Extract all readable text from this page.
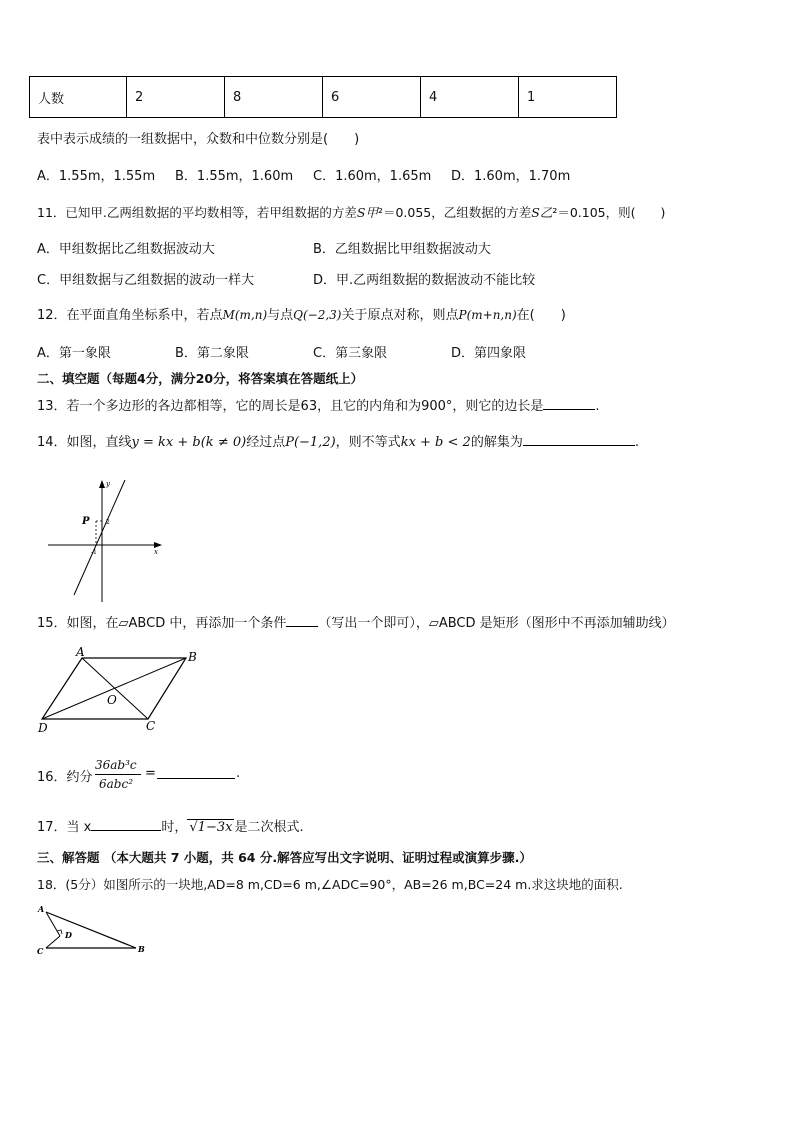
人数	2	8	6	4	1
表中表示成绩的一组数据中，众数和中位数分别是(　　)
A．1.55m，1.55m B．1.55m，1.60m C．1.60m，1.65m D．1.60m，1.70m
11．已知甲.乙两组数据的平均数相等，若甲组数据的方差S甲²＝0.055，乙组数据的方差S乙²＝0.105，则(　　)
A．甲组数据比乙组数据波动大	B．乙组数据比甲组数据波动大
C．甲组数据与乙组数据的波动一样大	D．甲.乙两组数据的数据波动不能比较
12．在平面直角坐标系中，若点M(m,n)与点Q(−2,3)关于原点对称，则点P(m+n,n)在(　　)
A．第一象限	B．第二象限	C．第三象限	D．第四象限
二、填空题（每题4分，满分20分，将答案填在答题纸上）
13．若一个多边形的各边都相等，它的周长是63，且它的内角和为900°，则它的边长是	.
14．如图，直线y = kx + b(k ≠ 0)经过点P(−1,2)，则不等式kx + b < 2的解集为	.
y
x
P	2
-1
15．如图，在▱ABCD 中，再添加一个条件 （写出一个即可），▱ABCD 是矩形（图形中不再添加辅助线）
A	B
C
D
O
16．约分
36ab³c
6abc²
=	.
17．当 x	时， √1−3x 是二次根式.
三、解答题 （本大题共 7 小题，共 64 分.解答应写出文字说明、证明过程或演算步骤.）
18．(5分）如图所示的一块地,AD=8 m,CD=6 m,∠ADC=90°，AB=26 m,BC=24 m.求这块地的面积.
A
B
C
D
